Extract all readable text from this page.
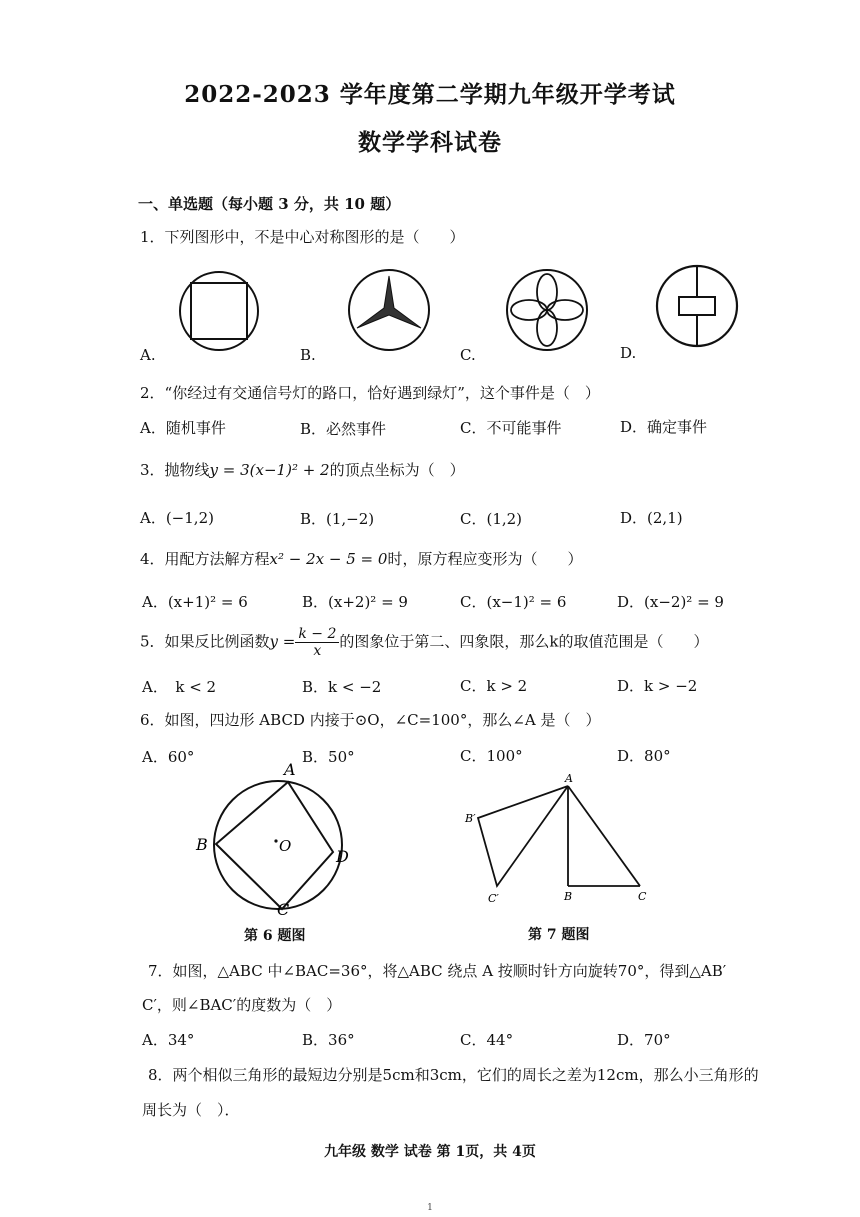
2022-2023 学年度第二学期九年级开学考试
数学学科试卷
一、单选题（每小题 3 分，共 10 题）
1．下列图形中，不是中心对称图形的是（　　）
A.	B.	C.	D.
2．“你经过有交通信号灯的路口，恰好遇到绿灯”，这个事件是（　）
A．随机事件	B．必然事件	C．不可能事件	D．确定事件
3．抛物线y = 3(x−1)² + 2的顶点坐标为（　）
A．(−1,2)	B．(1,−2)	C．(1,2)	D．(2,1)
4．用配方法解方程x² − 2x − 5 = 0时，原方程应变形为（　　）
A．(x+1)² = 6	B．(x+2)² = 9	C．(x−1)² = 6	D．(x−2)² = 9
5．如果反比例函数$y = \frac{k - 2}{x}$ 的图象位于第二、四象限，那么k的取值范围是（　　）
A．　k < 2	B．k < −2	C．k > 2	D．k > −2
6．如图，四边形 ABCD 内接于⊙O，∠C=100°，那么∠A 是（　）
A．60°	B．50°	C．100°	D．80°
A
B
C
D
O
第 6 题图
A
B′
C′	B	C
第 7 题图
7．如图，△ABC 中∠BAC=36°，将△ABC 绕点 A 按顺时针方向旋转70°，得到△AB′
C′，则∠BAC′的度数为（　）
A．34°	B．36°	C．44°	D．70°
8．两个相似三角形的最短边分别是5cm和3cm，它们的周长之差为12cm，那么小三角形的
周长为（　）．
九年级 数学 试卷 第 1页，共 4页
1
